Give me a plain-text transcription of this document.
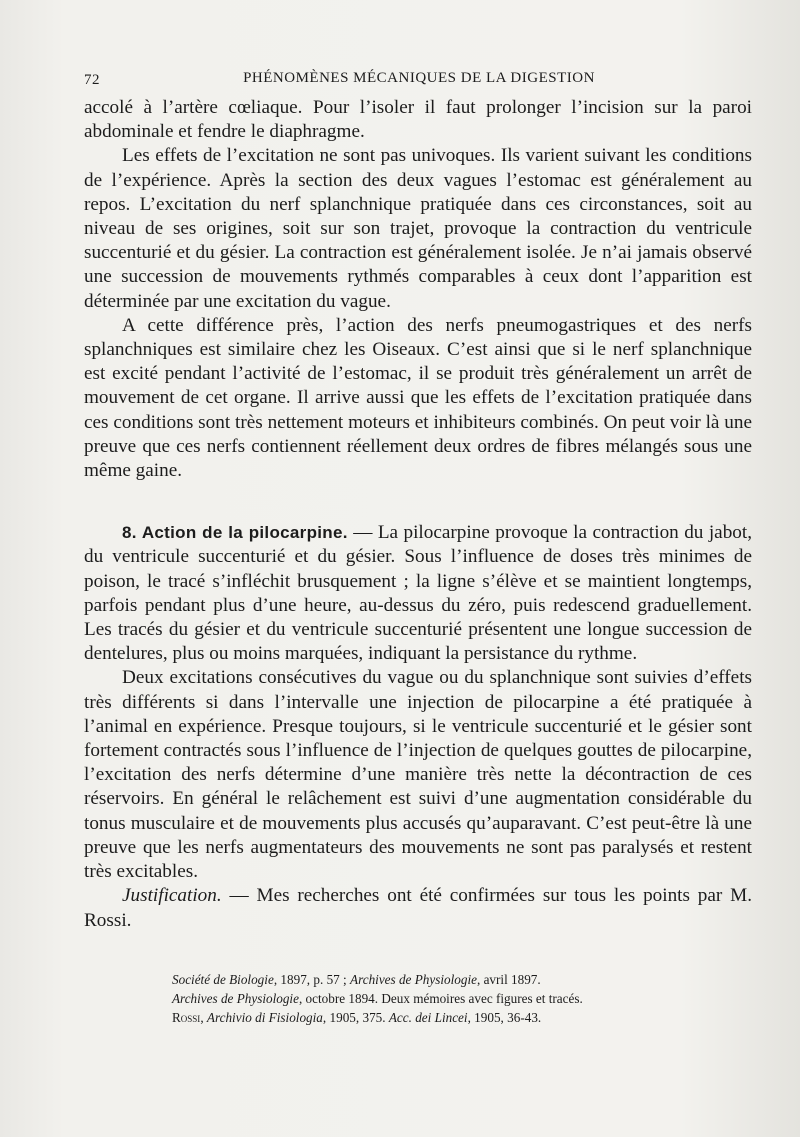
72	PHÉNOMÈNES MÉCANIQUES DE LA DIGESTION

accolé à l’artère cœliaque. Pour l’isoler il faut prolonger l’incision sur la paroi abdominale et fendre le diaphragme.

Les effets de l’excitation ne sont pas univoques. Ils varient suivant les conditions de l’expérience. Après la section des deux vagues l’estomac est généralement au repos. L’excitation du nerf splanchnique pratiquée dans ces circonstances, soit au niveau de ses origines, soit sur son trajet, provoque la contraction du ventricule succenturié et du gésier. La contraction est généralement isolée. Je n’ai jamais observé une succession de mouvements rythmés comparables à ceux dont l’apparition est déterminée par une excitation du vague.

A cette différence près, l’action des nerfs pneumogastriques et des nerfs splanchniques est similaire chez les Oiseaux. C’est ainsi que si le nerf splanchnique est excité pendant l’activité de l’estomac, il se produit très généralement un arrêt de mouvement de cet organe. Il arrive aussi que les effets de l’excitation pratiquée dans ces conditions sont très nettement moteurs et inhibiteurs combinés. On peut voir là une preuve que ces nerfs contiennent réellement deux ordres de fibres mélangés sous une même gaine.

8. Action de la pilocarpine. — La pilocarpine provoque la contraction du jabot, du ventricule succenturié et du gésier. Sous l’influence de doses très minimes de poison, le tracé s’infléchit brusquement ; la ligne s’élève et se maintient longtemps, parfois pendant plus d’une heure, au-dessus du zéro, puis redescend graduellement. Les tracés du gésier et du ventricule succenturié présentent une longue succession de dentelures, plus ou moins marquées, indiquant la persistance du rythme.

Deux excitations consécutives du vague ou du splanchnique sont suivies d’effets très différents si dans l’intervalle une injection de pilocarpine a été pratiquée à l’animal en expérience. Presque toujours, si le ventricule succenturié et le gésier sont fortement contractés sous l’influence de l’injection de quelques gouttes de pilocarpine, l’excitation des nerfs détermine d’une manière très nette la décontraction de ces réservoirs. En général le relâchement est suivi d’une augmentation considérable du tonus musculaire et de mouvements plus accusés qu’auparavant. C’est peut-être là une preuve que les nerfs augmentateurs des mouvements ne sont pas paralysés et restent très excitables.

Justification. — Mes recherches ont été confirmées sur tous les points par M. Rossi.

Société de Biologie, 1897, p. 57 ; Archives de Physiologie, avril 1897.
Archives de Physiologie, octobre 1894. Deux mémoires avec figures et tracés.
Rossi, Archivio di Fisiologia, 1905, 375. Acc. dei Lincei, 1905, 36-43.
